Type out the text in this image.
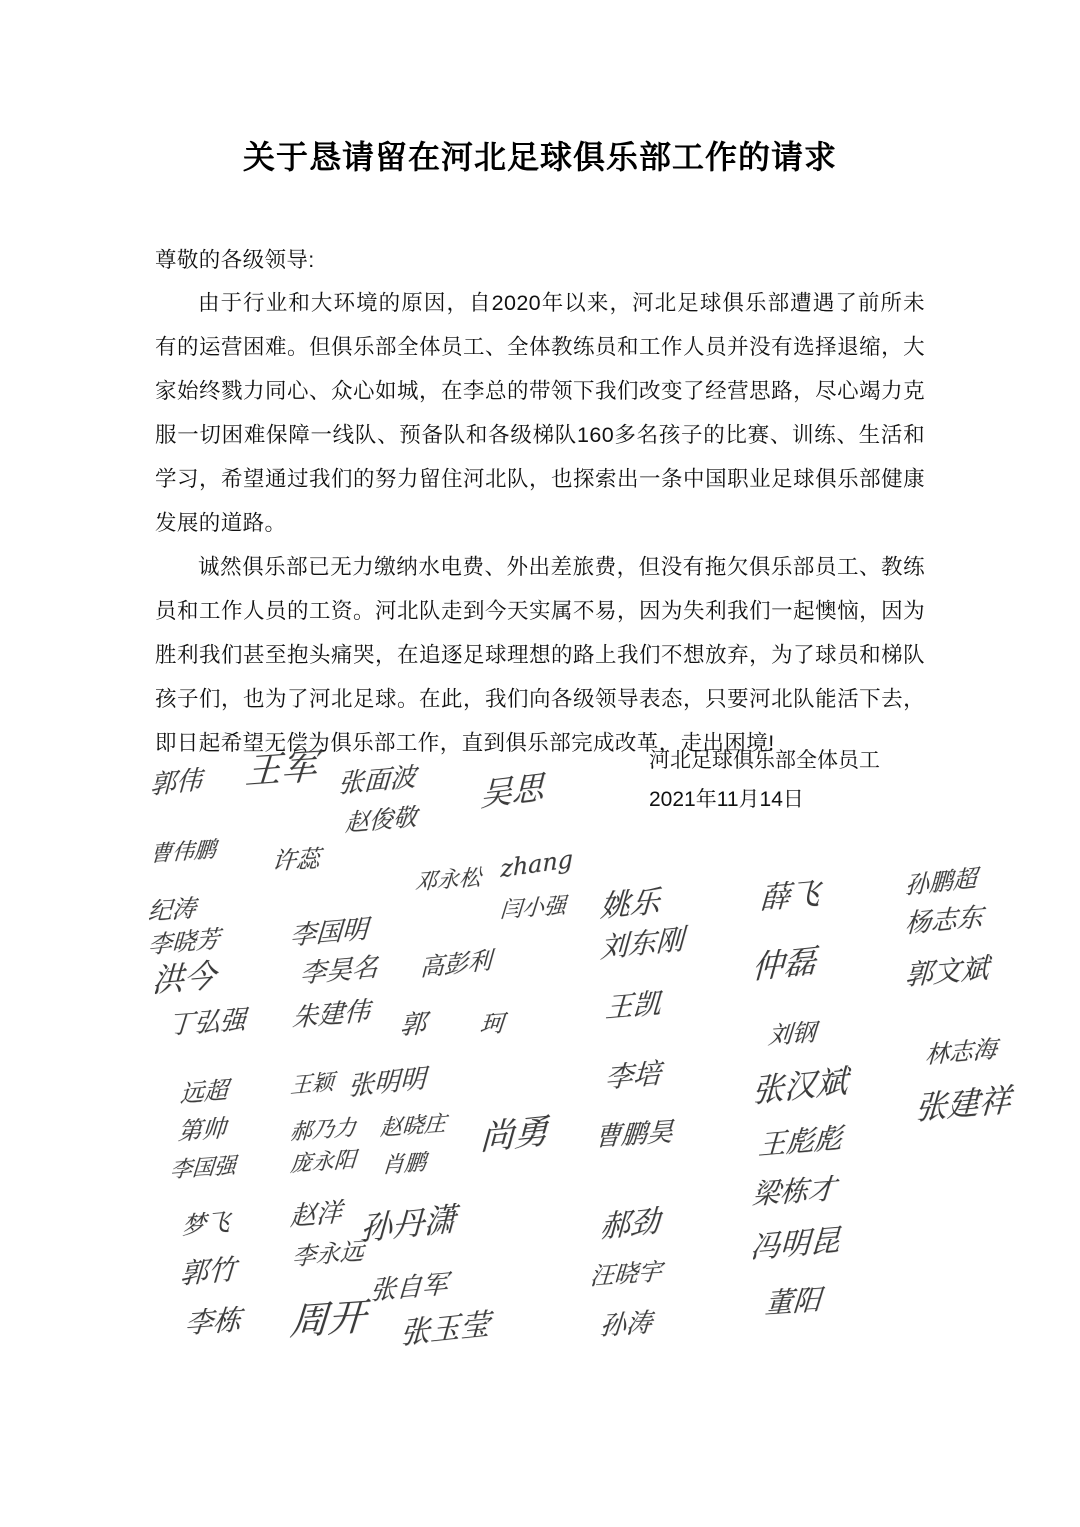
关于恳请留在河北足球俱乐部工作的请求
尊敬的各级领导:

由于行业和大环境的原因，自2020年以来，河北足球俱乐部遭遇了前所未有的运营困难。但俱乐部全体员工、全体教练员和工作人员并没有选择退缩，大家始终戮力同心、众心如城，在李总的带领下我们改变了经营思路，尽心竭力克服一切困难保障一线队、预备队和各级梯队160多名孩子的比赛、训练、生活和学习，希望通过我们的努力留住河北队，也探索出一条中国职业足球俱乐部健康发展的道路。

诚然俱乐部已无力缴纳水电费、外出差旅费，但没有拖欠俱乐部员工、教练员和工作人员的工资。河北队走到今天实属不易，因为失利我们一起懊恼，因为胜利我们甚至抱头痛哭，在追逐足球理想的路上我们不想放弃，为了球员和梯队孩子们，也为了河北足球。在此，我们向各级领导表态，只要河北队能活下去，即日起希望无偿为俱乐部工作，直到俱乐部完成改革，走出困境!

河北足球俱乐部全体员工
2021年11月14日
郭伟 王军 张面波 吴思
赵俊敬
曹伟鹏 许蕊
邓永松 zhang
纪涛
李晓芳	李国明
闫小强
洪今	李昊名 高彭利
丁弘强 朱建伟 郭 珂
远超	王颖 张明明
第帅	郝乃力 赵晓庄 尚勇
李国强 庞永阳 肖鹏
梦飞 赵洋 孙丹潇
李永远
郭竹	张自军
李栋 周开 张玉莹
姚乐
刘东刚
王凯
李培
曹鹏昊
郝劲
汪晓宇
孙涛
薛飞
仲磊
刘钢
张汉斌
王彪彪
梁栋才
冯明昆
董阳
孙鹏超
杨志东
郭文斌
林志海
张建祥
